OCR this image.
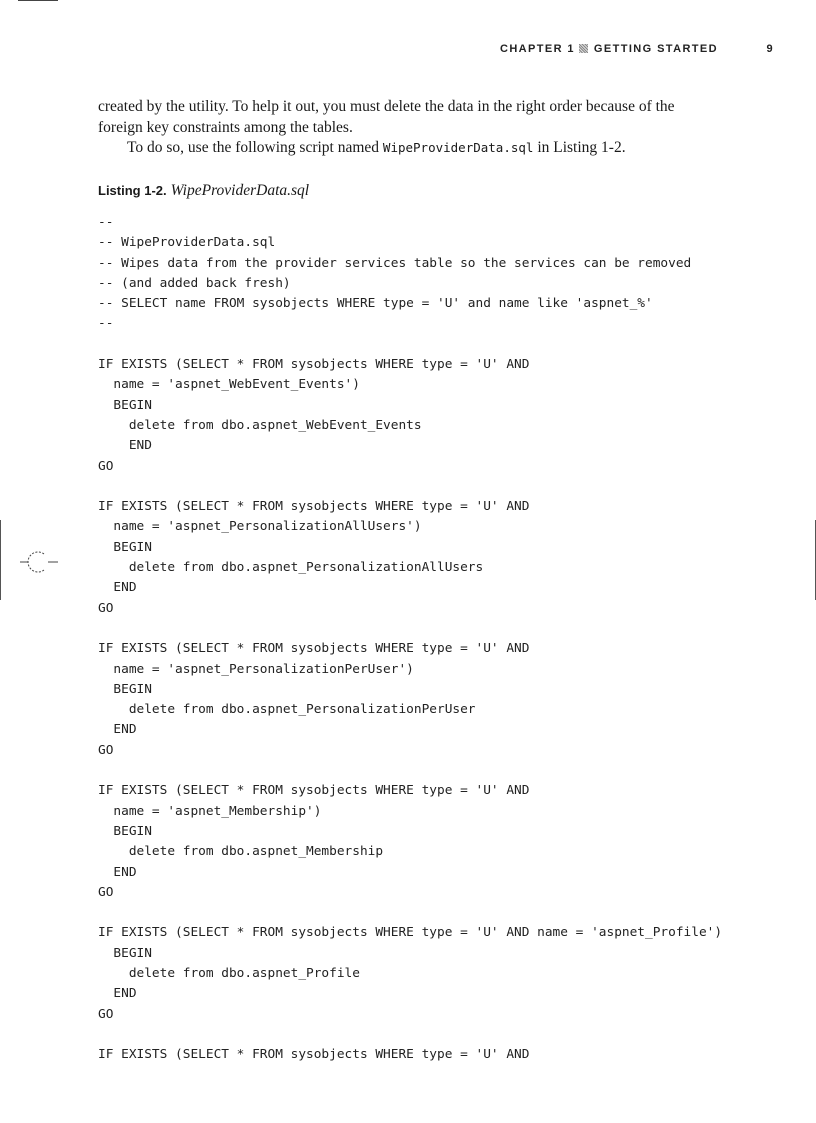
CHAPTER 1 GETTING STARTED	9

created by the utility. To help it out, you must delete the data in the right order because of the foreign key constraints among the tables.

To do so, use the following script named WipeProviderData.sql in Listing 1-2.

Listing 1-2. WipeProviderData.sql
--
-- WipeProviderData.sql
-- Wipes data from the provider services table so the services can be removed
-- (and added back fresh)
-- SELECT name FROM sysobjects WHERE type = 'U' and name like 'aspnet_%'
--
IF EXISTS (SELECT * FROM sysobjects WHERE type = 'U' AND
name = 'aspnet_WebEvent_Events')
BEGIN
delete from dbo.aspnet_WebEvent_Events
END
GO
IF EXISTS (SELECT * FROM sysobjects WHERE type = 'U' AND
name = 'aspnet_PersonalizationAllUsers')
BEGIN
delete from dbo.aspnet_PersonalizationAllUsers
END
GO
IF EXISTS (SELECT * FROM sysobjects WHERE type = 'U' AND
name = 'aspnet_PersonalizationPerUser')
BEGIN
delete from dbo.aspnet_PersonalizationPerUser
END
GO
IF EXISTS (SELECT * FROM sysobjects WHERE type = 'U' AND
name = 'aspnet_Membership')
BEGIN
delete from dbo.aspnet_Membership
END
GO
IF EXISTS (SELECT * FROM sysobjects WHERE type = 'U' AND name = 'aspnet_Profile')
BEGIN
delete from dbo.aspnet_Profile
END
GO
IF EXISTS (SELECT * FROM sysobjects WHERE type = 'U' AND
